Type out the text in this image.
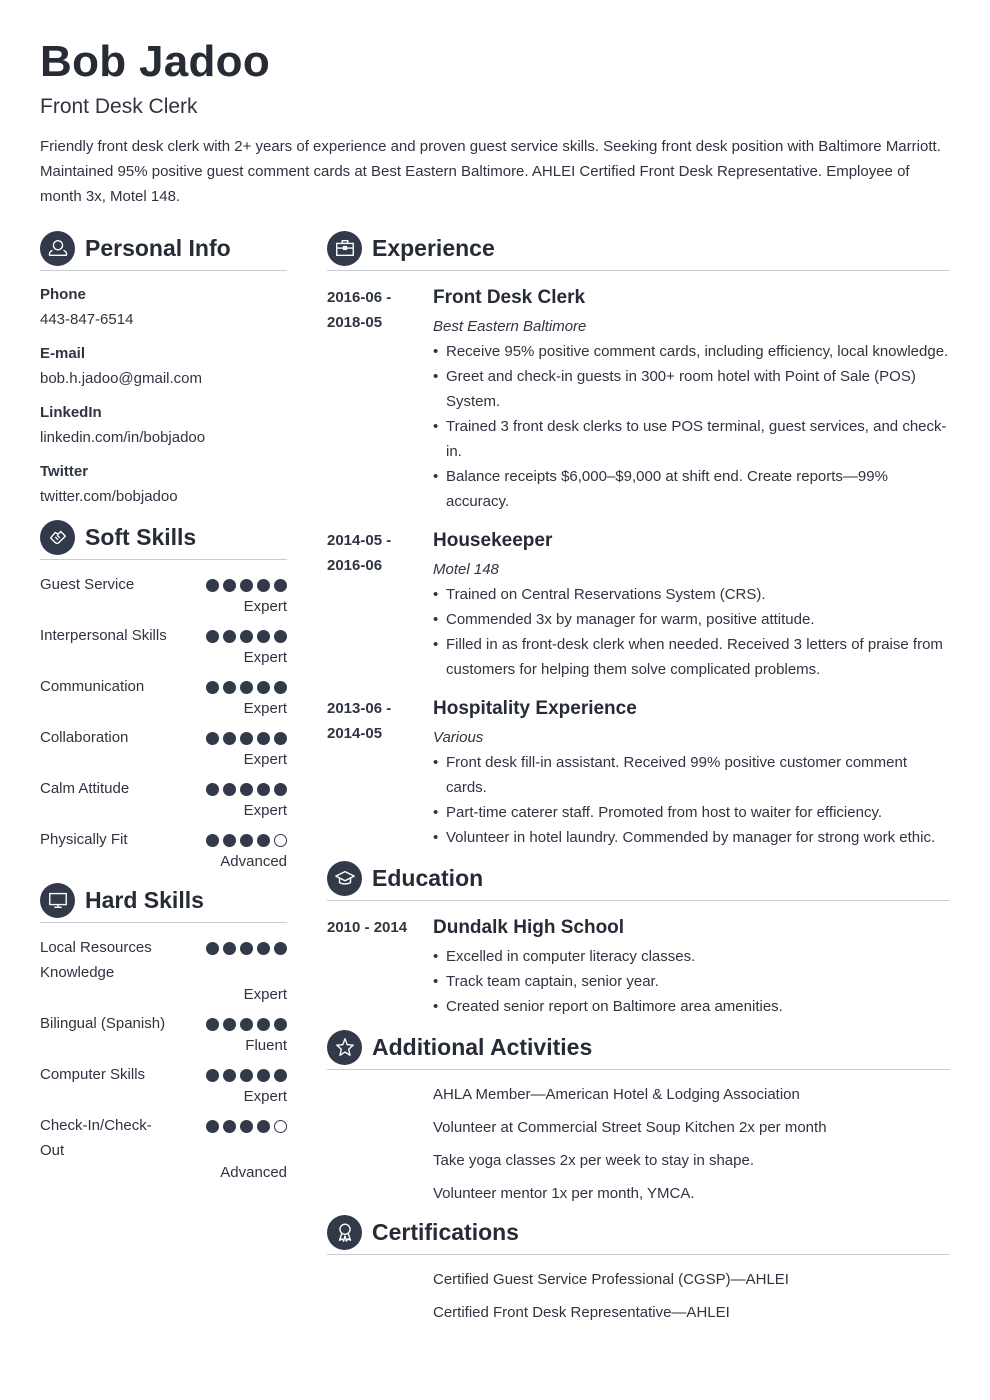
Bob Jadoo
Front Desk Clerk
Friendly front desk clerk with 2+ years of experience and proven guest service skills. Seeking front desk position with Baltimore Marriott. Maintained 95% positive guest comment cards at Best Eastern Baltimore. AHLEI Certified Front Desk Representative. Employee of month 3x, Motel 148.
Personal Info
Phone
443-847-6514
E-mail
bob.h.jadoo@gmail.com
LinkedIn
linkedin.com/in/bobjadoo
Twitter
twitter.com/bobjadoo
Soft Skills
Guest Service
Expert
Interpersonal Skills
Expert
Communication
Expert
Collaboration
Expert
Calm Attitude
Expert
Physically Fit
Advanced
Hard Skills
Local Resources Knowledge
Expert
Bilingual (Spanish)
Fluent
Computer Skills
Expert
Check-In/Check-Out
Advanced
Experience
2016-06 - 2018-05
Front Desk Clerk
Best Eastern Baltimore
• Receive 95% positive comment cards, including efficiency, local knowledge.
• Greet and check-in guests in 300+ room hotel with Point of Sale (POS) System.
• Trained 3 front desk clerks to use POS terminal, guest services, and check-in.
• Balance receipts $6,000–$9,000 at shift end. Create reports—99% accuracy.
2014-05 - 2016-06
Housekeeper
Motel 148
• Trained on Central Reservations System (CRS).
• Commended 3x by manager for warm, positive attitude.
• Filled in as front-desk clerk when needed. Received 3 letters of praise from customers for helping them solve complicated problems.
2013-06 - 2014-05
Hospitality Experience
Various
• Front desk fill-in assistant. Received 99% positive customer comment cards.
• Part-time caterer staff. Promoted from host to waiter for efficiency.
• Volunteer in hotel laundry. Commended by manager for strong work ethic.
Education
2010 - 2014	Dundalk High School
• Excelled in computer literacy classes.
• Track team captain, senior year.
• Created senior report on Baltimore area amenities.
Additional Activities
AHLA Member—American Hotel & Lodging Association
Volunteer at Commercial Street Soup Kitchen 2x per month
Take yoga classes 2x per week to stay in shape.
Volunteer mentor 1x per month, YMCA.
Certifications
Certified Guest Service Professional (CGSP)—AHLEI
Certified Front Desk Representative—AHLEI
